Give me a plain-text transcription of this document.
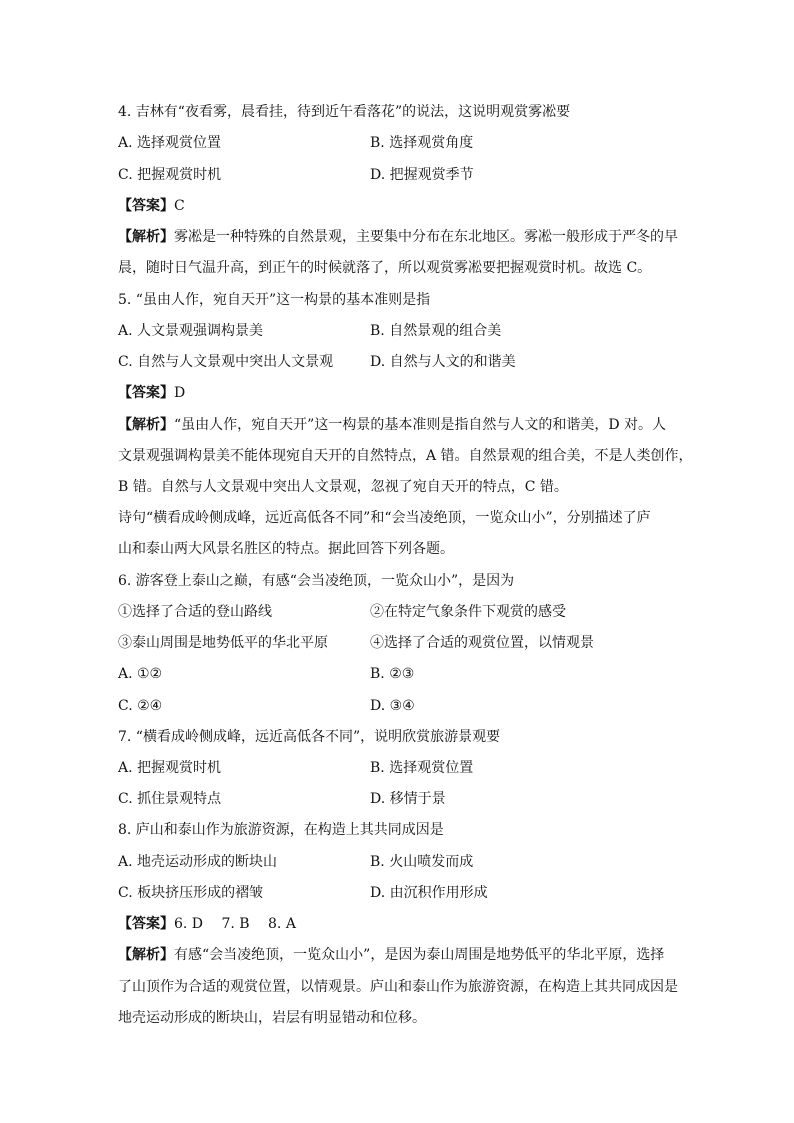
4. 吉林有“夜看雾，晨看挂，待到近午看落花”的说法，这说明观赏雾凇要
A. 选择观赏位置	B. 选择观赏角度
C. 把握观赏时机	D. 把握观赏季节
【答案】C
【解析】雾凇是一种特殊的自然景观，主要集中分布在东北地区。雾凇一般形成于严冬的早
晨，随时日气温升高，到正午的时候就落了，所以观赏雾凇要把握观赏时机。故选 C。
5. “虽由人作，宛自天开”这一构景的基本准则是指
A. 人文景观强调构景美	B. 自然景观的组合美
C. 自然与人文景观中突出人文景观	D. 自然与人文的和谐美
【答案】D
【解析】“虽由人作，宛自天开”这一构景的基本准则是指自然与人文的和谐美，D 对。人
文景观强调构景美不能体现宛自天开的自然特点，A 错。自然景观的组合美，不是人类创作，
B 错。自然与人文景观中突出人文景观，忽视了宛自天开的特点，C 错。
诗句“横看成岭侧成峰，远近高低各不同”和“会当凌绝顶，一览众山小”，分别描述了庐
山和泰山两大风景名胜区的特点。据此回答下列各题。
6. 游客登上泰山之巅，有感“会当凌绝顶，一览众山小”，是因为
①选择了合适的登山路线	②在特定气象条件下观赏的感受
③泰山周围是地势低平的华北平原	④选择了合适的观赏位置，以情观景
A. ①②	B. ②③
C. ②④	D. ③④
7. “横看成岭侧成峰，远近高低各不同”，说明欣赏旅游景观要
A. 把握观赏时机	B. 选择观赏位置
C. 抓住景观特点	D. 移情于景
8. 庐山和泰山作为旅游资源，在构造上其共同成因是
A. 地壳运动形成的断块山	B. 火山喷发而成
C. 板块挤压形成的褶皱	D. 由沉积作用形成
【答案】6. D　 7. B　 8. A
【解析】有感“会当凌绝顶，一览众山小”，是因为泰山周围是地势低平的华北平原，选择
了山顶作为合适的观赏位置，以情观景。庐山和泰山作为旅游资源，在构造上其共同成因是
地壳运动形成的断块山，岩层有明显错动和位移。
